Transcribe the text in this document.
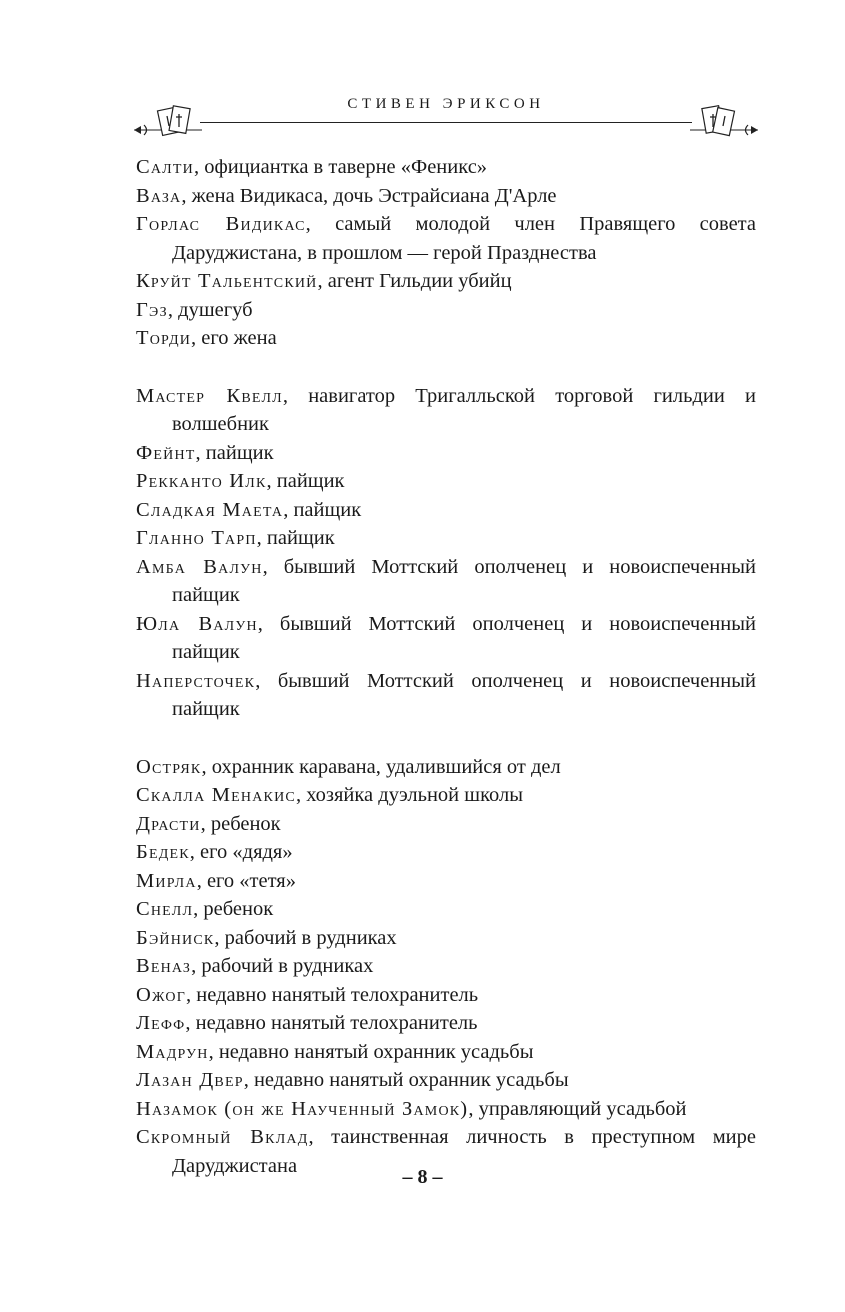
СТИВЕН ЭРИКСОН

Салти, официантка в таверне «Феникс»

Ваза, жена Видикаса, дочь Эстрайсиана Д'Арле

Горлас Видикас, самый молодой член Правящего совета Даруджистана, в прошлом — герой Празднества

Круйт Тальентский, агент Гильдии убийц

Гэз, душегуб

Торди, его жена

Мастер Квелл, навигатор Тригалльской торговой гильдии и волшебник

Фейнт, пайщик

Рекканто Илк, пайщик

Сладкая Маета, пайщик

Гланно Тарп, пайщик

Амба Валун, бывший Моттский ополченец и новоиспеченный пайщик

Юла Валун, бывший Моттский ополченец и новоиспеченный пайщик

Наперсточек, бывший Моттский ополченец и новоиспеченный пайщик

Остряк, охранник каравана, удалившийся от дел

Скалла Менакис, хозяйка дуэльной школы

Драсти, ребенок

Бедек, его «дядя»

Мирла, его «тетя»

Снелл, ребенок

Бэйниск, рабочий в рудниках

Веназ, рабочий в рудниках

Ожог, недавно нанятый телохранитель

Лефф, недавно нанятый телохранитель

Мадрун, недавно нанятый охранник усадьбы

Лазан Двер, недавно нанятый охранник усадьбы

Назамок (он же Наученный Замок), управляющий усадьбой

Скромный Вклад, таинственная личность в преступном мире Даруджистана

– 8 –
